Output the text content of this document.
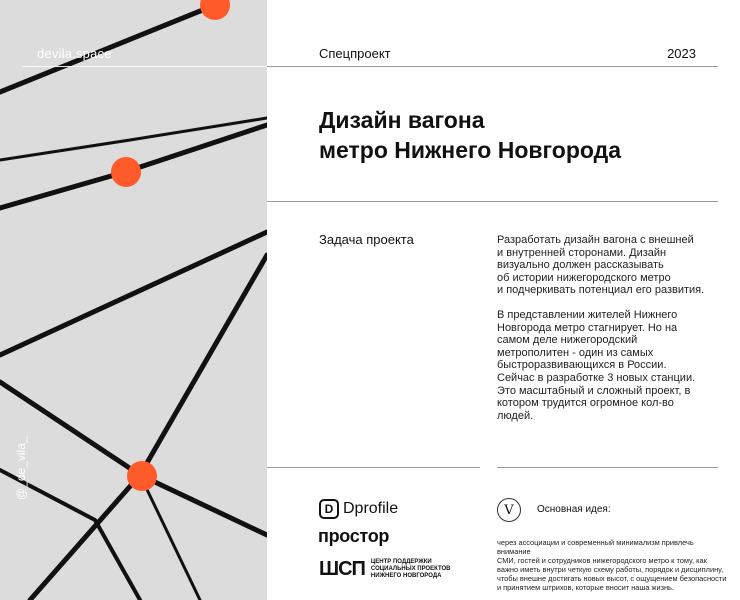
devila.space
@_de_vila_
Спецпроект	2023
Дизайн вагона
метро Нижнего Новгорода
Задача проекта	Разработать дизайн вагона с внешней
и внутренней сторонами. Дизайн
визуально должен рассказывать
об истории нижегородского метро
и подчеркивать потенциал его развития.

В представлении жителей Нижнего
Новгорода метро стагнирует. Но на
самом деле нижегородский
метрополитен - один из самых
быстроразвивающихся в России.
Сейчас в разработке 3 новых станции.
Это масштабный и сложный проект, в
котором трудится огромное кол-во
людей.

D Dprofile
простор
ШСП ЦЕНТР ПОДДЕРЖКИ
СОЦИАЛЬНЫХ ПРОЕКТОВ
НИЖНЕГО НОВГОРОДА
V	Основная идея:
через ассоциации и современный минимализм привлечь внимание
СМИ, гостей и сотрудников нижегородского метро к тому, как
важно иметь внутри четкую схему работы, порядок и дисциплину,
чтобы внешне достигать новых высот, с ощущением безопасности
и принятием штрихов, которые вносит наша жизнь.
